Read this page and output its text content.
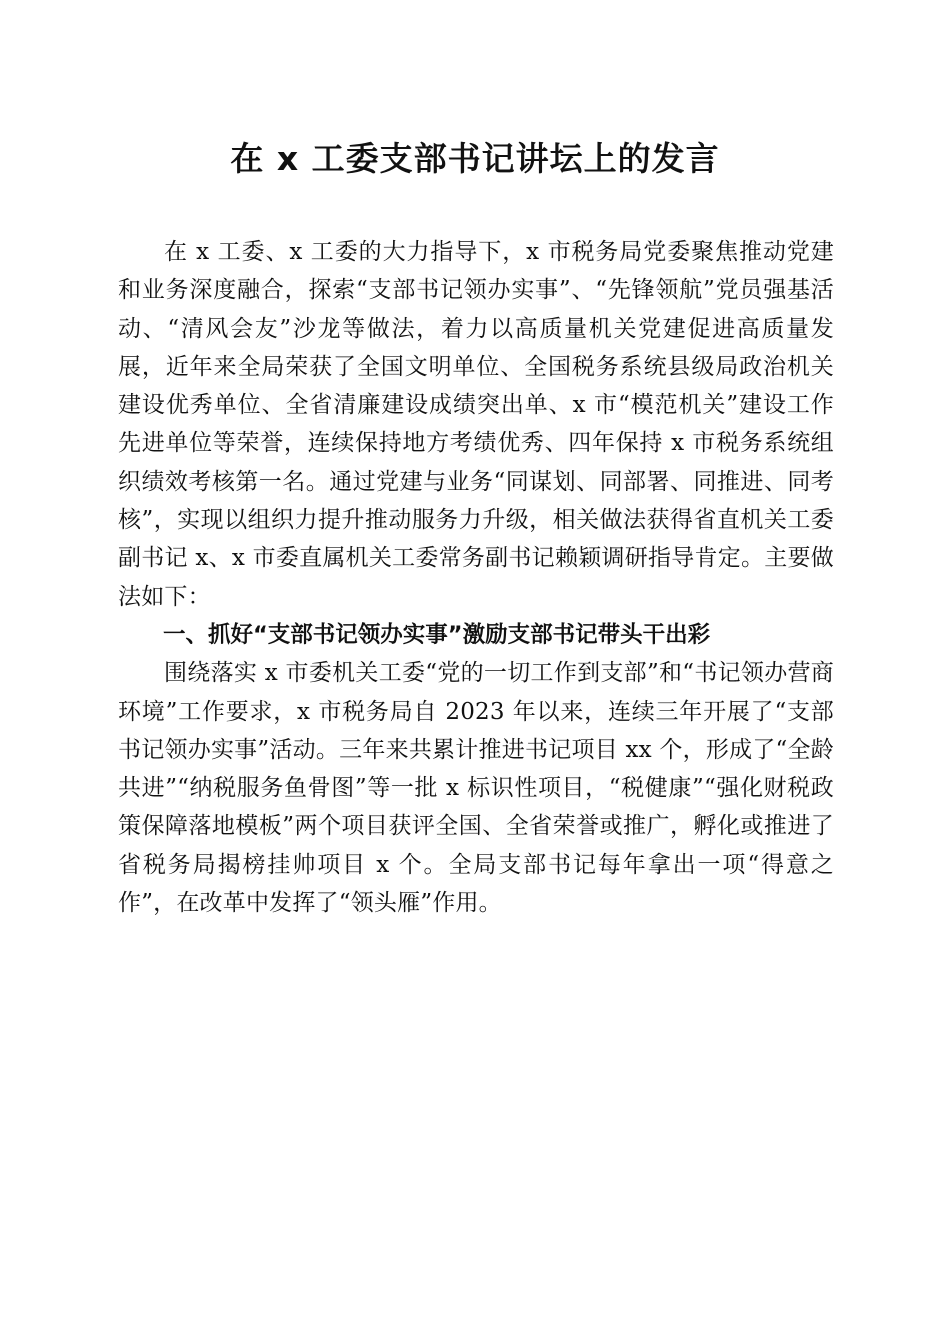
在 x 工委支部书记讲坛上的发言

在 x 工委、x 工委的大力指导下，x 市税务局党委聚焦推动党建和业务深度融合，探索“支部书记领办实事”、“先锋领航”党员强基活动、“清风会友”沙龙等做法，着力以高质量机关党建促进高质量发展，近年来全局荣获了全国文明单位、全国税务系统县级局政治机关建设优秀单位、全省清廉建设成绩突出单、x 市“模范机关”建设工作先进单位等荣誉，连续保持地方考绩优秀、四年保持 x 市税务系统组织绩效考核第一名。通过党建与业务“同谋划、同部署、同推进、同考核”，实现以组织力提升推动服务力升级，相关做法获得省直机关工委副书记 x、x 市委直属机关工委常务副书记赖颖调研指导肯定。主要做法如下：

一、抓好“支部书记领办实事”激励支部书记带头干出彩

围绕落实 x 市委机关工委“党的一切工作到支部”和“书记领办营商环境”工作要求，x 市税务局自 2023 年以来，连续三年开展了“支部书记领办实事”活动。三年来共累计推进书记项目 xx 个，形成了“全龄共进”“纳税服务鱼骨图”等一批 x 标识性项目，“税健康”“强化财税政策保障落地模板”两个项目获评全国、全省荣誉或推广，孵化或推进了省税务局揭榜挂帅项目 x 个。全局支部书记每年拿出一项“得意之作”，在改革中发挥了“领头雁”作用。
